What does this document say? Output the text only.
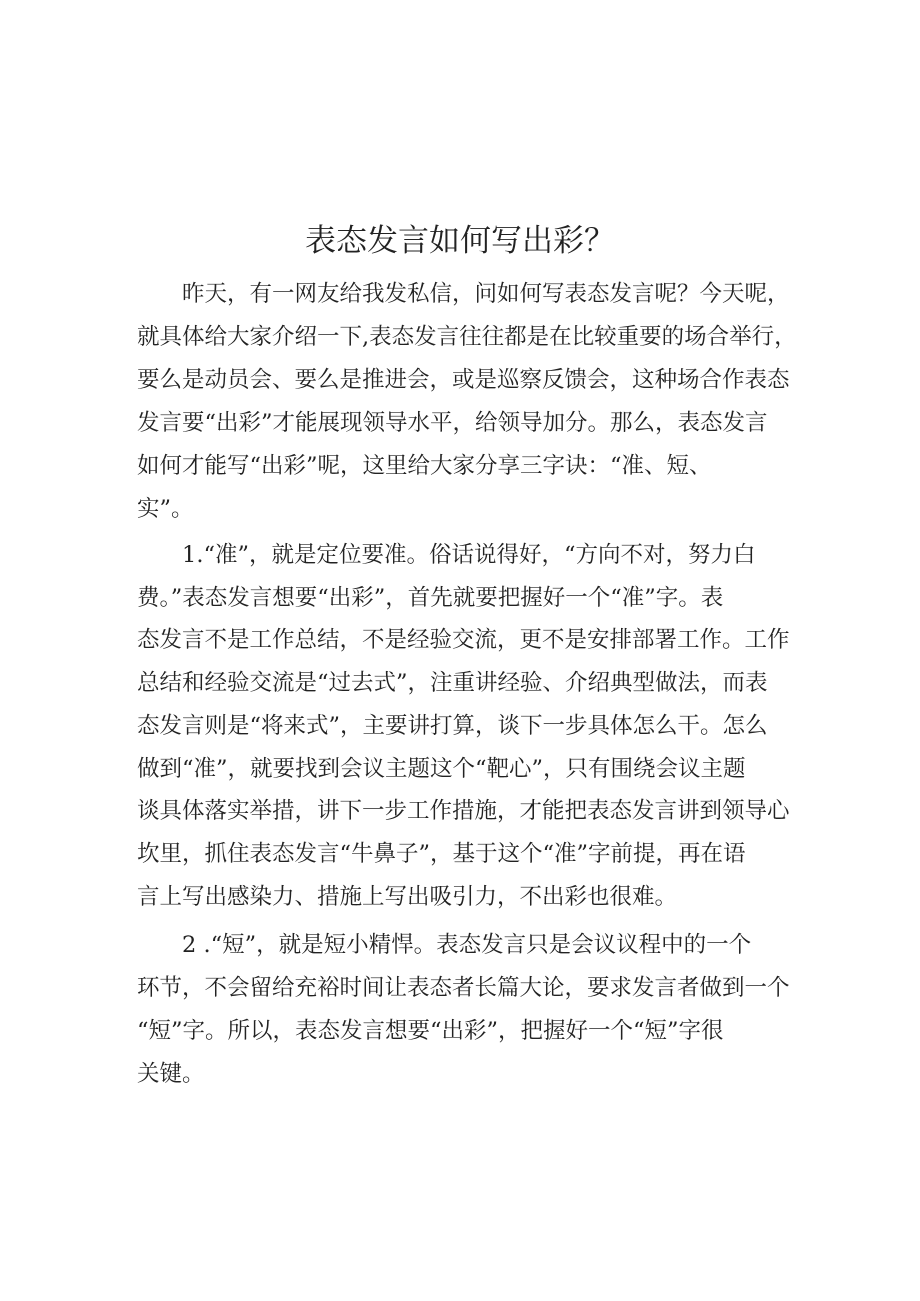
表态发言如何写出彩？

昨天，有一网友给我发私信，问如何写表态发言呢？今天呢，
就具体给大家介绍一下,表态发言往往都是在比较重要的场合举行，
要么是动员会、要么是推进会，或是巡察反馈会，这种场合作表态
发言要“出彩”才能展现领导水平，给领导加分。那么，表态发言
如何才能写“出彩”呢，这里给大家分享三字诀：“准、短、
实”。

1.“准”，就是定位要准。俗话说得好，“方向不对，努力白
费。”表态发言想要“出彩”，首先就要把握好一个“准”字。表
态发言不是工作总结，不是经验交流，更不是安排部署工作。工作
总结和经验交流是“过去式”，注重讲经验、介绍典型做法，而表
态发言则是“将来式”，主要讲打算，谈下一步具体怎么干。怎么
做到“准”，就要找到会议主题这个“靶心”，只有围绕会议主题
谈具体落实举措，讲下一步工作措施，才能把表态发言讲到领导心
坎里，抓住表态发言“牛鼻子”，基于这个“准”字前提，再在语
言上写出感染力、措施上写出吸引力，不出彩也很难。

2 .“短”，就是短小精悍。表态发言只是会议议程中的一个
环节，不会留给充裕时间让表态者长篇大论，要求发言者做到一个
“短”字。所以，表态发言想要“出彩”，把握好一个“短”字很
关键。
